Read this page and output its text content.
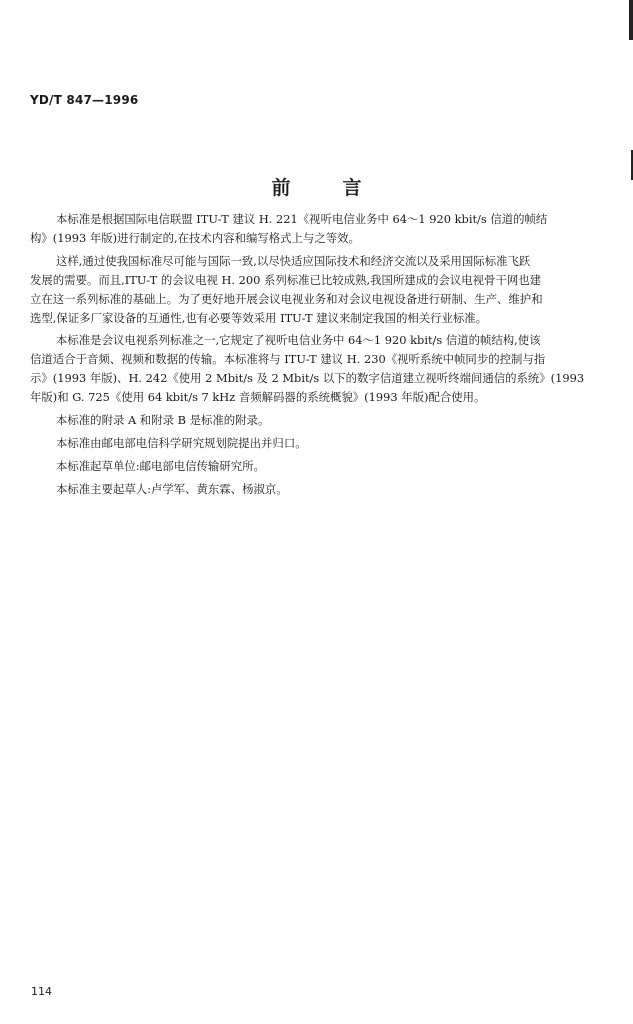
YD/T 847—1996
前言

本标准是根据国际电信联盟 ITU-T 建议 H. 221《视听电信业务中 64～1 920 kbit/s 信道的帧结
构》(1993 年版)进行制定的,在技术内容和编写格式上与之等效。

这样,通过使我国标准尽可能与国际一致,以尽快适应国际技术和经济交流以及采用国际标准飞跃
发展的需要。而且,ITU-T 的会议电视 H. 200 系列标准已比较成熟,我国所建成的会议电视骨干网也建
立在这一系列标准的基础上。为了更好地开展会议电视业务和对会议电视设备进行研制、生产、维护和
选型,保证多厂家设备的互通性,也有必要等效采用 ITU-T 建议来制定我国的相关行业标准。

本标准是会议电视系列标准之一,它规定了视听电信业务中 64～1 920 kbit/s 信道的帧结构,使该
信道适合于音频、视频和数据的传输。本标准将与 ITU-T 建议 H. 230《视听系统中帧同步的控制与指
示》(1993 年版)、H. 242《使用 2 Mbit/s 及 2 Mbit/s 以下的数字信道建立视听终端间通信的系统》(1993
年版)和 G. 725《使用 64 kbit/s 7 kHz 音频解码器的系统概貌》(1993 年版)配合使用。

本标准的附录 A 和附录 B 是标准的附录。

本标准由邮电部电信科学研究规划院提出并归口。

本标准起草单位:邮电部电信传输研究所。

本标准主要起草人:卢学军、黄东霖、杨淑京。

114
